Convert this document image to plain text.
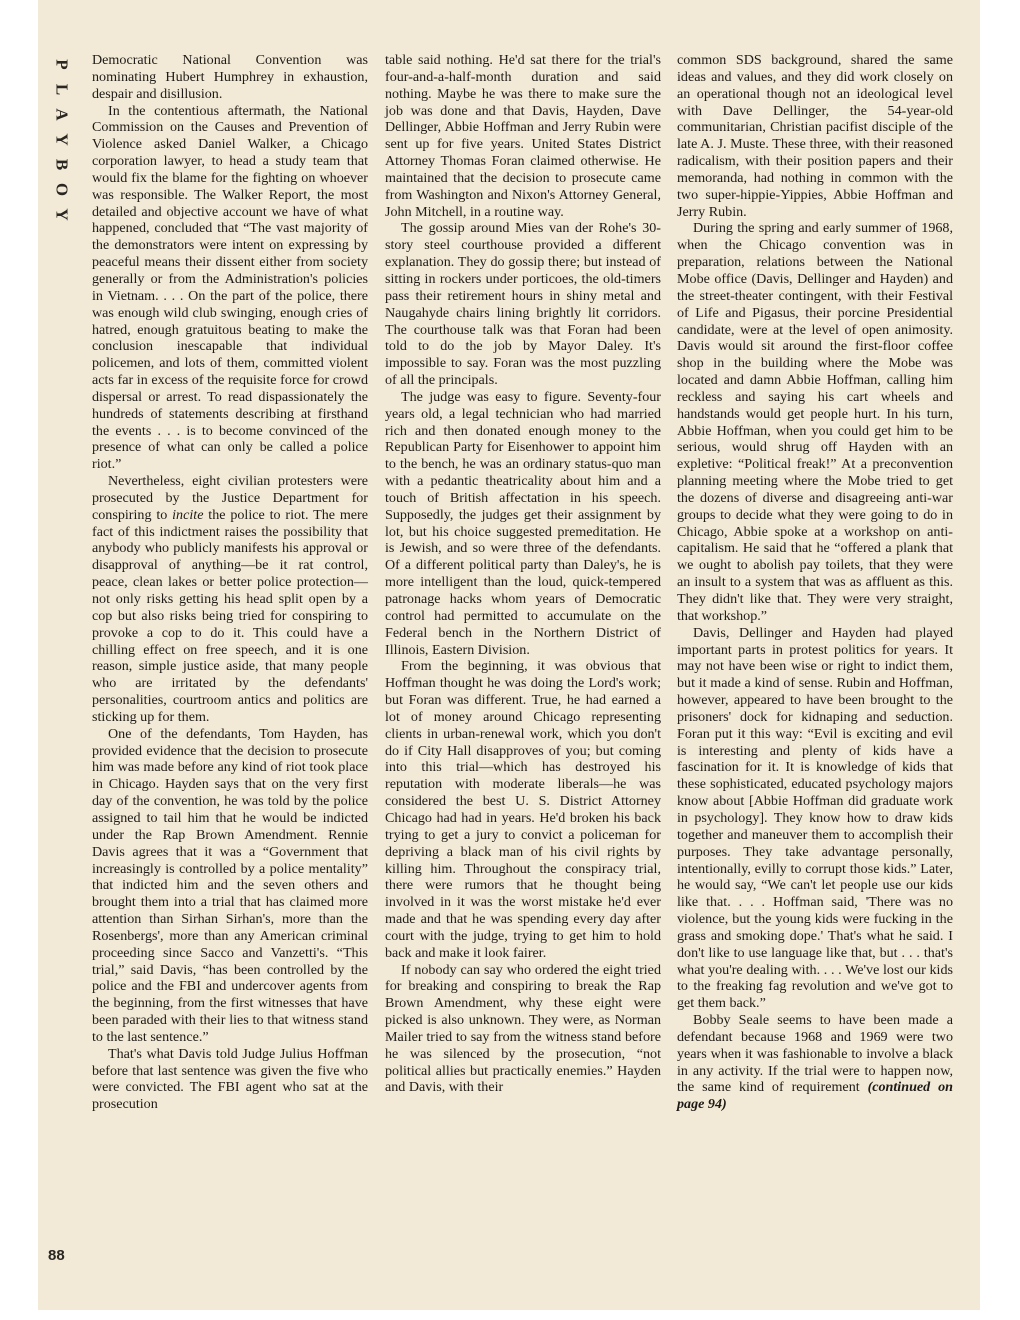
P
L
A
Y
B
O
Y
88

Democratic National Convention was nominating Hubert Humphrey in exhaustion, despair and disillusion.

In the contentious aftermath, the National Commission on the Causes and Prevention of Violence asked Daniel Walker, a Chicago corporation lawyer, to head a study team that would fix the blame for the fighting on whoever was responsible. The Walker Report, the most detailed and objective account we have of what happened, concluded that “The vast majority of the demonstrators were intent on expressing by peaceful means their dissent either from society generally or from the Administration's policies in Vietnam. . . . On the part of the police, there was enough wild club swinging, enough cries of hatred, enough gratuitous beating to make the conclusion inescapable that individual policemen, and lots of them, committed violent acts far in excess of the requisite force for crowd dispersal or arrest. To read dispassionately the hundreds of statements describing at firsthand the events . . . is to become convinced of the presence of what can only be called a police riot.”

Nevertheless, eight civilian protesters were prosecuted by the Justice Department for conspiring to incite the police to riot. The mere fact of this indictment raises the possibility that anybody who publicly manifests his approval or disapproval of anything—be it rat control, peace, clean lakes or better police protection—not only risks getting his head split open by a cop but also risks being tried for conspiring to provoke a cop to do it. This could have a chilling effect on free speech, and it is one reason, simple justice aside, that many people who are irritated by the defendants' personalities, courtroom antics and politics are sticking up for them.

One of the defendants, Tom Hayden, has provided evidence that the decision to prosecute him was made before any kind of riot took place in Chicago. Hayden says that on the very first day of the convention, he was told by the police assigned to tail him that he would be indicted under the Rap Brown Amendment. Rennie Davis agrees that it was a “Government that increasingly is controlled by a police mentality” that indicted him and the seven others and brought them into a trial that has claimed more attention than Sirhan Sirhan's, more than the Rosenbergs', more than any American criminal proceeding since Sacco and Vanzetti's. “This trial,” said Davis, “has been controlled by the police and the FBI and undercover agents from the beginning, from the first witnesses that have been paraded with their lies to that witness stand to the last sentence.”

That's what Davis told Judge Julius Hoffman before that last sentence was given the five who were convicted. The FBI agent who sat at the prosecution

table said nothing. He'd sat there for the trial's four-and-a-half-month duration and said nothing. Maybe he was there to make sure the job was done and that Davis, Hayden, Dave Dellinger, Abbie Hoffman and Jerry Rubin were sent up for five years. United States District Attorney Thomas Foran claimed otherwise. He maintained that the decision to prosecute came from Washington and Nixon's Attorney General, John Mitchell, in a routine way.

The gossip around Mies van der Rohe's 30-story steel courthouse provided a different explanation. They do gossip there; but instead of sitting in rockers under porticoes, the old-timers pass their retirement hours in shiny metal and Naugahyde chairs lining brightly lit corridors. The courthouse talk was that Foran had been told to do the job by Mayor Daley. It's impossible to say. Foran was the most puzzling of all the principals.

The judge was easy to figure. Seventy-four years old, a legal technician who had married rich and then donated enough money to the Republican Party for Eisenhower to appoint him to the bench, he was an ordinary status-quo man with a pedantic theatricality about him and a touch of British affectation in his speech. Supposedly, the judges get their assignment by lot, but his choice suggested premeditation. He is Jewish, and so were three of the defendants. Of a different political party than Daley's, he is more intelligent than the loud, quick-tempered patronage hacks whom years of Democratic control had permitted to accumulate on the Federal bench in the Northern District of Illinois, Eastern Division.

From the beginning, it was obvious that Hoffman thought he was doing the Lord's work; but Foran was different. True, he had earned a lot of money around Chicago representing clients in urban-renewal work, which you don't do if City Hall disapproves of you; but coming into this trial—which has destroyed his reputation with moderate liberals—he was considered the best U. S. District Attorney Chicago had had in years. He'd broken his back trying to get a jury to convict a policeman for depriving a black man of his civil rights by killing him. Throughout the conspiracy trial, there were rumors that he thought being involved in it was the worst mistake he'd ever made and that he was spending every day after court with the judge, trying to get him to hold back and make it look fairer.

If nobody can say who ordered the eight tried for breaking and conspiring to break the Rap Brown Amendment, why these eight were picked is also unknown. They were, as Norman Mailer tried to say from the witness stand before he was silenced by the prosecution, “not political allies but practically enemies.” Hayden and Davis, with their

common SDS background, shared the same ideas and values, and they did work closely on an operational though not an ideological level with Dave Dellinger, the 54-year-old communitarian, Christian pacifist disciple of the late A. J. Muste. These three, with their reasoned radicalism, with their position papers and their memoranda, had nothing in common with the two super-hippie-Yippies, Abbie Hoffman and Jerry Rubin.

During the spring and early summer of 1968, when the Chicago convention was in preparation, relations between the National Mobe office (Davis, Dellinger and Hayden) and the street-theater contingent, with their Festival of Life and Pigasus, their porcine Presidential candidate, were at the level of open animosity. Davis would sit around the first-floor coffee shop in the building where the Mobe was located and damn Abbie Hoffman, calling him reckless and saying his cart wheels and handstands would get people hurt. In his turn, Abbie Hoffman, when you could get him to be serious, would shrug off Hayden with an expletive: “Political freak!” At a preconvention planning meeting where the Mobe tried to get the dozens of diverse and disagreeing anti-war groups to decide what they were going to do in Chicago, Abbie spoke at a workshop on anti-capitalism. He said that he “offered a plank that we ought to abolish pay toilets, that they were an insult to a system that was as affluent as this. They didn't like that. They were very straight, that workshop.”

Davis, Dellinger and Hayden had played important parts in protest politics for years. It may not have been wise or right to indict them, but it made a kind of sense. Rubin and Hoffman, however, appeared to have been brought to the prisoners' dock for kidnaping and seduction. Foran put it this way: “Evil is exciting and evil is interesting and plenty of kids have a fascination for it. It is knowledge of kids that these sophisticated, educated psychology majors know about [Abbie Hoffman did graduate work in psychology]. They know how to draw kids together and maneuver them to accomplish their purposes. They take advantage personally, intentionally, evilly to corrupt those kids.” Later, he would say, “We can't let people use our kids like that. . . . Hoffman said, 'There was no violence, but the young kids were fucking in the grass and smoking dope.' That's what he said. I don't like to use language like that, but . . . that's what you're dealing with. . . . We've lost our kids to the freaking fag revolution and we've got to get them back.”

Bobby Seale seems to have been made a defendant because 1968 and 1969 were two years when it was fashionable to involve a black in any activity. If the trial were to happen now, the same kind of requirement (continued on page 94)
